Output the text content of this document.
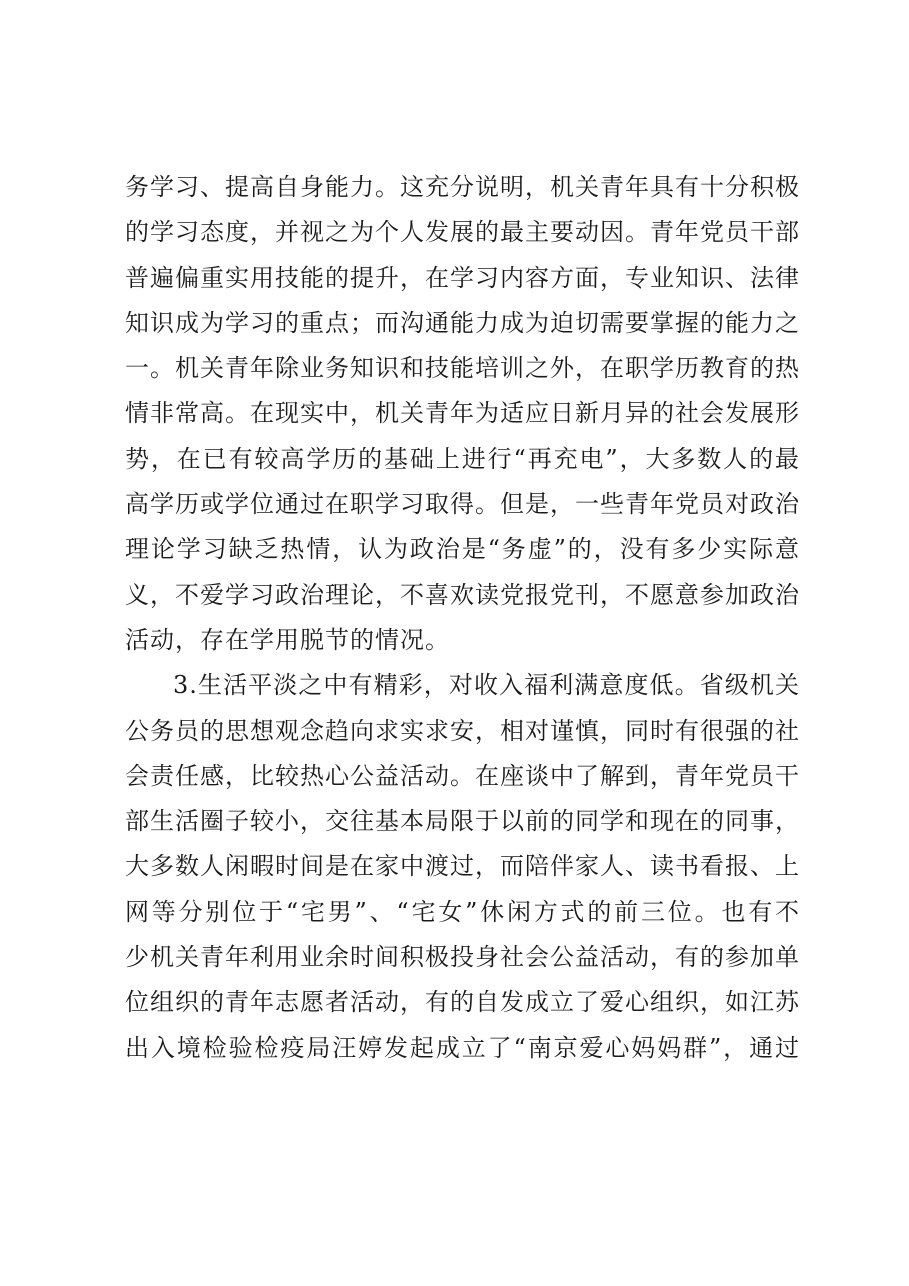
务学习、提高自身能力。这充分说明，机关青年具有十分积极
的学习态度，并视之为个人发展的最主要动因。青年党员干部
普遍偏重实用技能的提升，在学习内容方面，专业知识、法律
知识成为学习的重点；而沟通能力成为迫切需要掌握的能力之
一。机关青年除业务知识和技能培训之外，在职学历教育的热
情非常高。在现实中，机关青年为适应日新月异的社会发展形
势，在已有较高学历的基础上进行“再充电”，大多数人的最
高学历或学位通过在职学习取得。但是，一些青年党员对政治
理论学习缺乏热情，认为政治是“务虚”的，没有多少实际意
义，不爱学习政治理论，不喜欢读党报党刊，不愿意参加政治
活动，存在学用脱节的情况。
3.生活平淡之中有精彩，对收入福利满意度低。省级机关
公务员的思想观念趋向求实求安，相对谨慎，同时有很强的社
会责任感，比较热心公益活动。在座谈中了解到，青年党员干
部生活圈子较小，交往基本局限于以前的同学和现在的同事，
大多数人闲暇时间是在家中渡过，而陪伴家人、读书看报、上
网等分别位于“宅男”、“宅女”休闲方式的前三位。也有不
少机关青年利用业余时间积极投身社会公益活动，有的参加单
位组织的青年志愿者活动，有的自发成立了爱心组织，如江苏
出入境检验检疫局汪婷发起成立了“南京爱心妈妈群”，通过
